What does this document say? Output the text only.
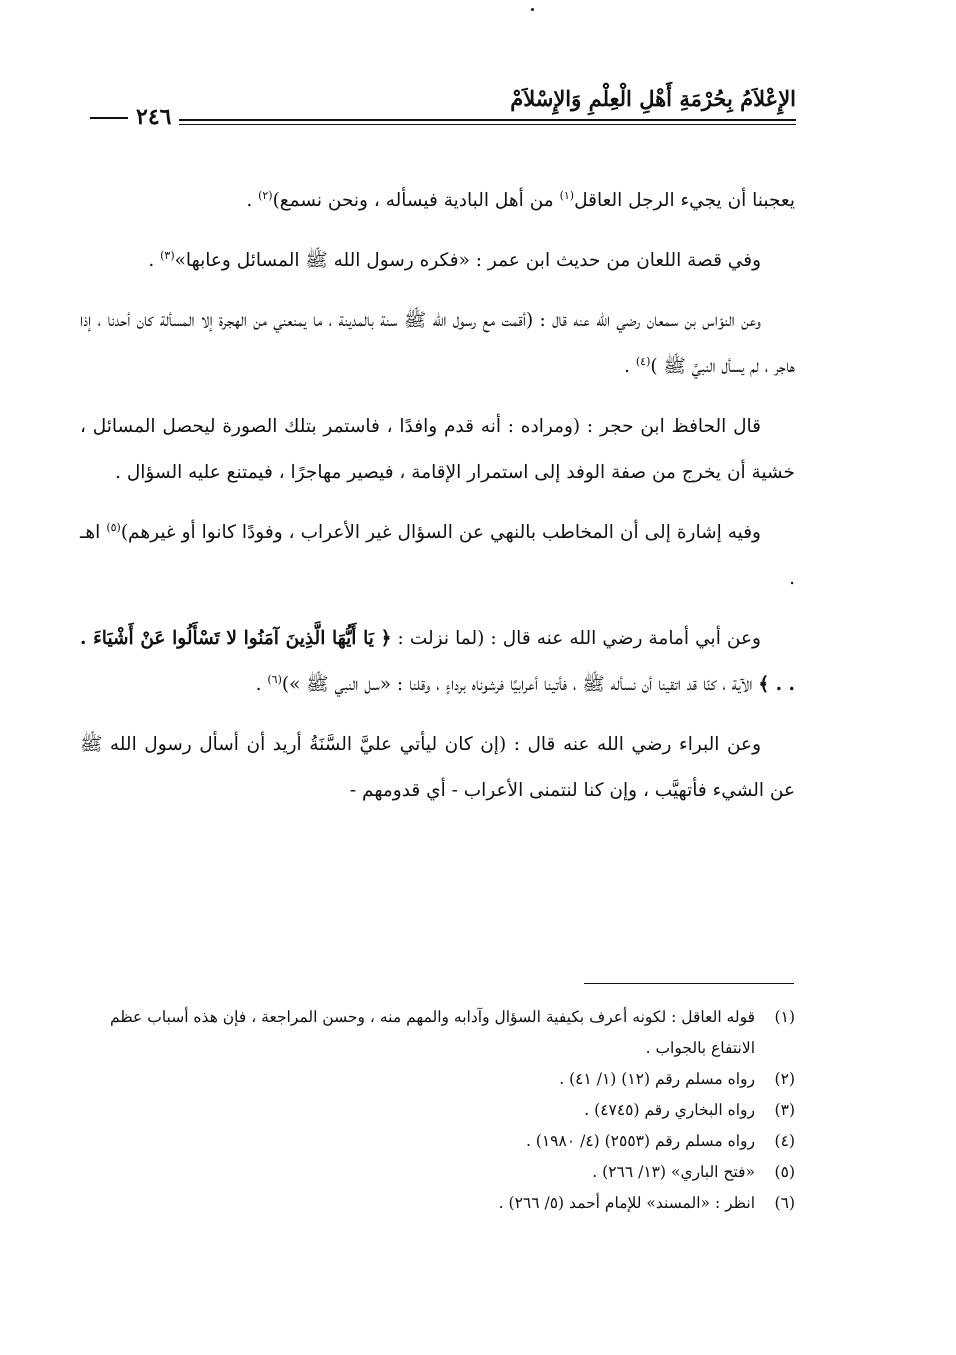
الإِعْلاَمُ بِحُرْمَةِ أَهْلِ الْعِلْمِ وَالإِسْلاَمْ
٢٤٦

يعجبنا أن يجيء الرجل العاقل$^{(١)}$ من أهل البادية فيسأله ، ونحن نسمع)$^{(٢)}$ .

وفي قصة اللعان من حديث ابن عمر : «فكره رسول الله ﷺ المسائل وعابها»$^{(٣)}$ .

وعن النوّاس بن سمعان رضي الله عنه قال : (أقمت مع رسول الله ﷺ سنة بالمدينة ، ما يمنعني من الهجرة إلا المسألة كان أحدنا ، إذا هاجر ، لم يسأل النبيَّ ﷺ )$^{(٤)}$ .

قال الحافظ ابن حجر : (ومراده : أنه قدم وافدًا ، فاستمر بتلك الصورة ليحصل المسائل ، خشية أن يخرج من صفة الوفد إلى استمرار الإقامة ، فيصير مهاجرًا ، فيمتنع عليه السؤال .

وفيه إشارة إلى أن المخاطب بالنهي عن السؤال غير الأعراب ، وفودًا كانوا أو غيرهم)$^{(٥)}$ اهـ .

وعن أبي أمامة رضي الله عنه قال : (لما نزلت : ﴿ يَا أَيُّهَا الَّذِينَ آمَنُوا لا تَسْأَلُوا عَنْ أَشْيَاءَ . . . ﴾ الآية ، كنّا قد اتقينا أن نسأله ﷺ ، فأتينا أعرابيًا فرشوناه برداءٍ ، وقلنا : «سل النبي ﷺ »)$^{(٦)}$ .

وعن البراء رضي الله عنه قال : (إن كان ليأتي عليَّ السَّنَةُ أريد أن أسأل رسول الله ﷺ عن الشيء فأتهيَّب ، وإن كنا لنتمنى الأعراب - أي قدومهم -

(١)
قوله العاقل : لكونه أعرف بكيفية السؤال وآدابه والمهم منه ، وحسن المراجعة ، فإن هذه أسباب عظم الانتفاع بالجواب .
(٢)
رواه مسلم رقم (١٢) (١/ ٤١) .
(٣)
رواه البخاري رقم (٤٧٤٥) .
(٤)
رواه مسلم رقم (٢٥٥٣) (٤/ ١٩٨٠) .
(٥)
«فتح الباري» (١٣/ ٢٦٦) .
(٦)
انظر : «المسند» للإمام أحمد (٥/ ٢٦٦) .
